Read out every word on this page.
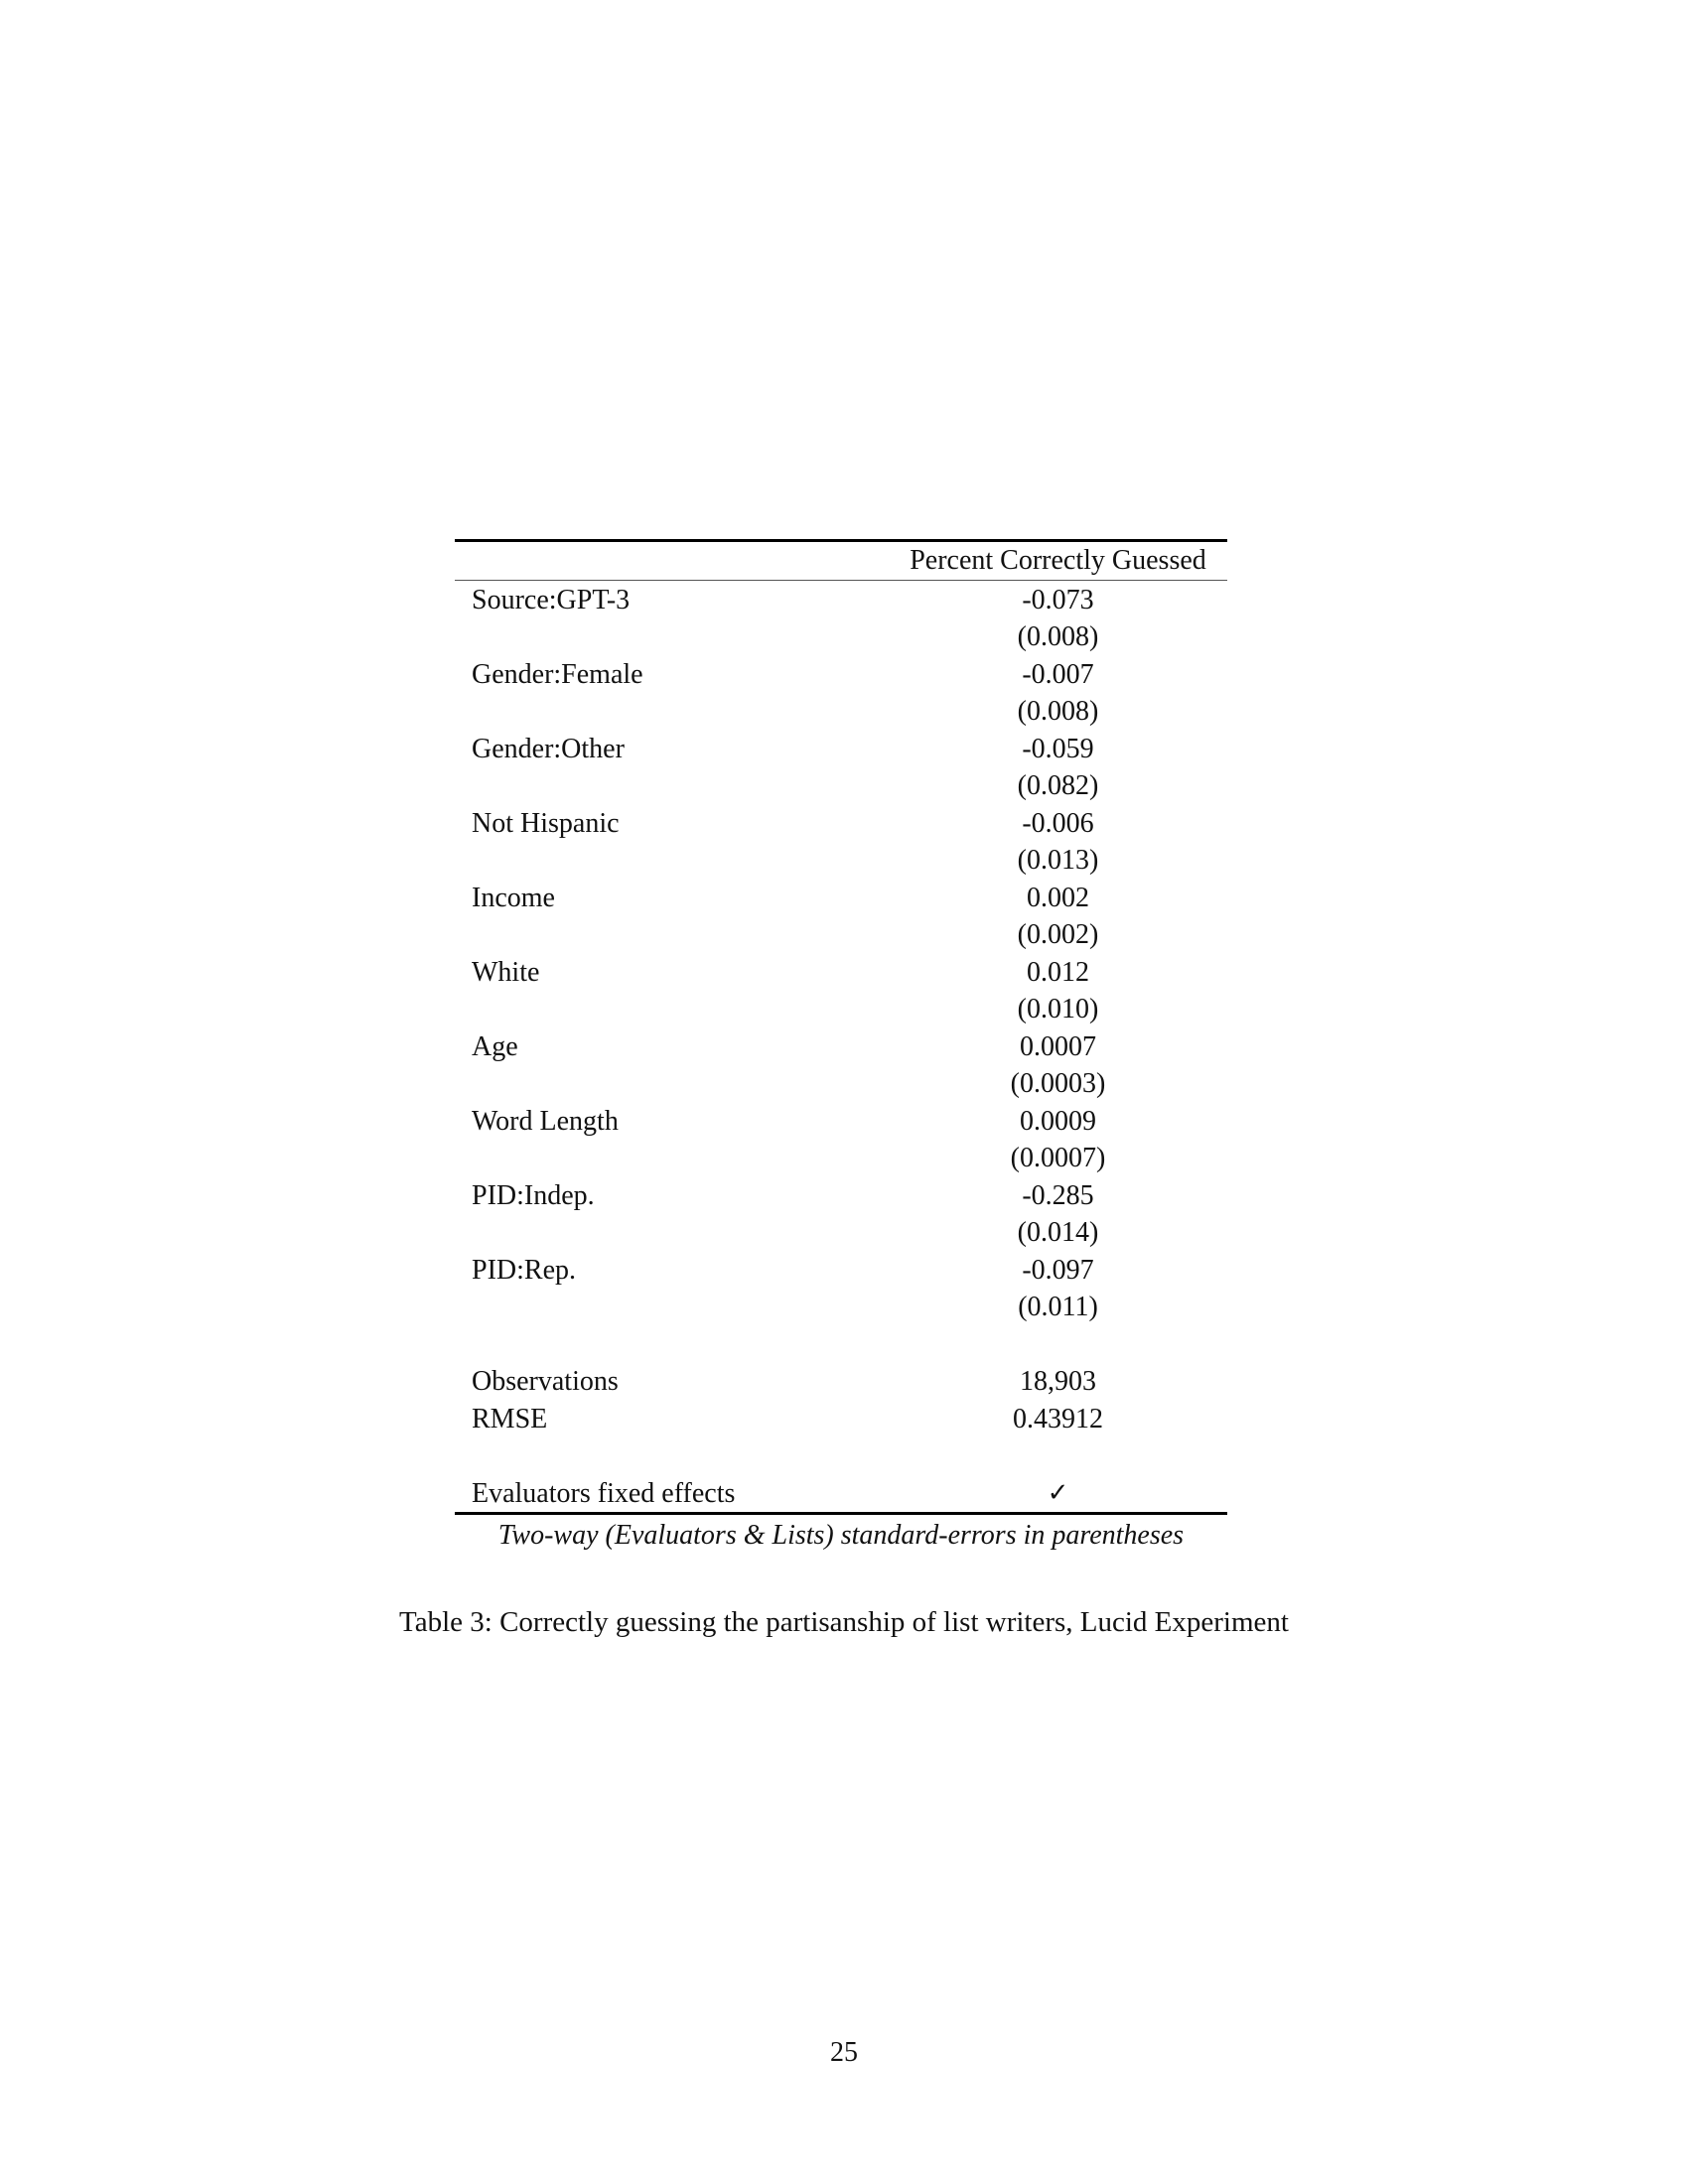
	Percent Correctly Guessed

Source:GPT-3	-0.073
	(0.008)
Gender:Female	-0.007
	(0.008)
Gender:Other	-0.059
	(0.082)
Not Hispanic	-0.006
	(0.013)
Income	0.002
	(0.002)
White	0.012
	(0.010)
Age	0.0007
	(0.0003)
Word Length	0.0009
	(0.0007)
PID:Indep.	-0.285
	(0.014)
PID:Rep.	-0.097
	(0.011)

Observations	18,903
RMSE	0.43912

Evaluators fixed effects	✓
Two-way (Evaluators & Lists) standard-errors in parentheses
Table 3: Correctly guessing the partisanship of list writers, Lucid Experiment
25
